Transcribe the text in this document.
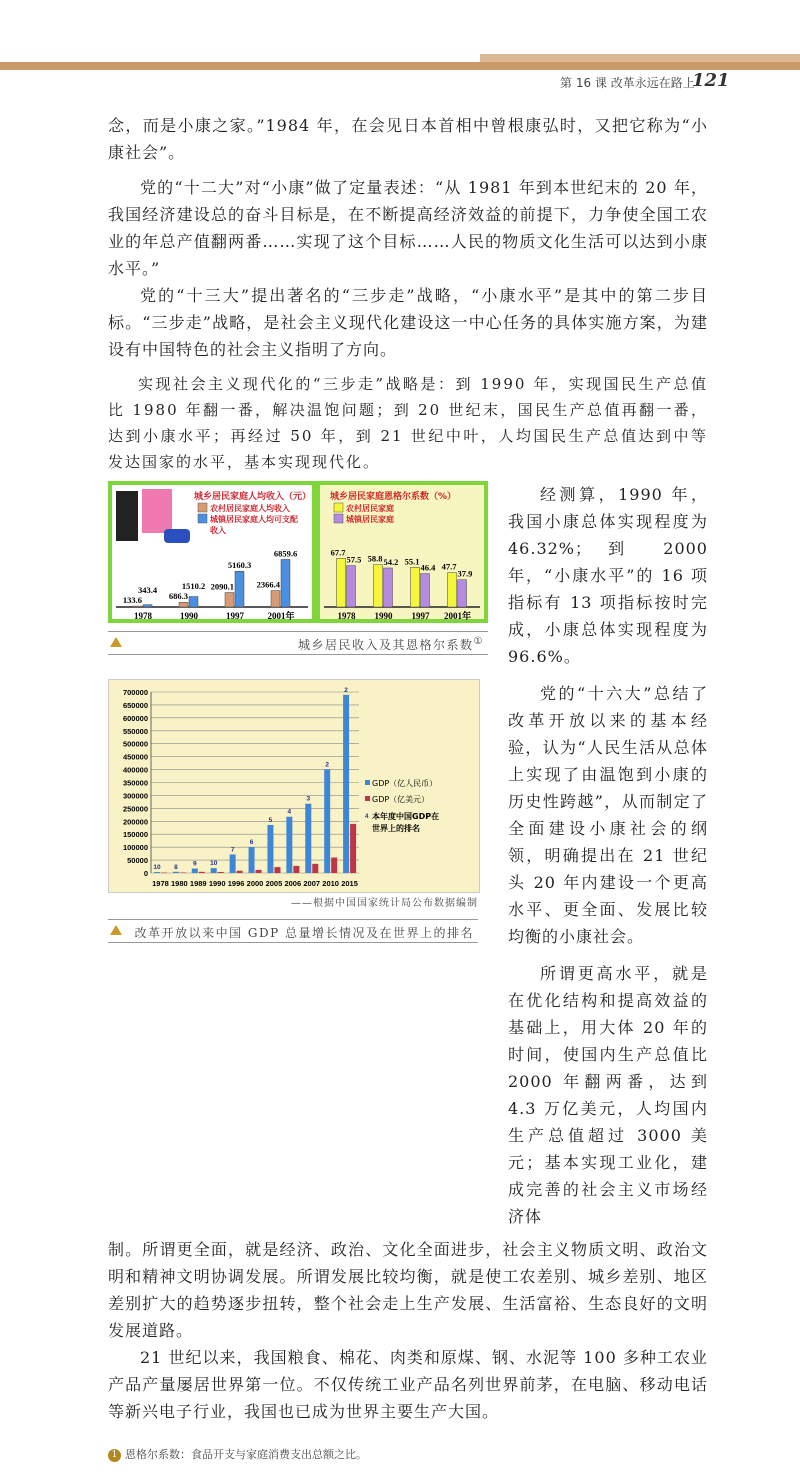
第 16 课 改革永远在路上
121

念，而是小康之家。”1984 年，在会见日本首相中曾根康弘时，又把它称为“小康社会”。

党的“十二大”对“小康”做了定量表述：“从 1981 年到本世纪末的 20 年，我国经济建设总的奋斗目标是，在不断提高经济效益的前提下，力争使全国工农业的年总产值翻两番……实现了这个目标……人民的物质文化生活可以达到小康水平。”

党的“十三大”提出著名的“三步走”战略，“小康水平”是其中的第二步目标。“三步走”战略，是社会主义现代化建设这一中心任务的具体实施方案，为建设有中国特色的社会主义指明了方向。

实现社会主义现代化的“三步走”战略是：到 1990 年，实现国民生产总值比 1980 年翻一番，解决温饱问题；到 20 世纪末，国民生产总值再翻一番，达到小康水平；再经过 50 年，到 21 世纪中叶，人均国民生产总值达到中等发达国家的水平，基本实现现代化。
城乡居民家庭人均收入（元）
农村居民家庭人均收入
城镇居民家庭人均可支配
收入
1978
133.6
343.4
1990
686.3
1510.2
1997
2090.1
5160.3
2001年
2366.4
6859.6
城乡居民家庭恩格尔系数（%）
农村居民家庭
城镇居民家庭
1978
67.7
57.5
1990
58.8 54.2
1997
55.1
46.4
2001年
47.7
37.9
城乡居民收入及其恩格尔系数①
0
50000
100000
150000
200000
250000
300000
350000
400000
450000
500000
550000
600000
650000
700000
1978
10
1980
8
1989
9
1990
10
1996
7
2000
6
2005
5
2006
4
2007
3
2010
2
2015
2
GDP（亿人民币）
GDP（亿美元）
4 本年度中国GDP在
世界上的排名
——根据中国国家统计局公布数据编制
改革开放以来中国 GDP 总量增长情况及在世界上的排名

经测算，1990 年，我国小康总体实现程度为 46.32%；到 2000 年，“小康水平”的 16 项指标有 13 项指标按时完成，小康总体实现程度为 96.6%。

党的“十六大”总结了改革开放以来的基本经验，认为“人民生活从总体上实现了由温饱到小康的历史性跨越”，从而制定了全面建设小康社会的纲领，明确提出在 21 世纪头 20 年内建设一个更高水平、更全面、发展比较均衡的小康社会。

所谓更高水平，就是在优化结构和提高效益的基础上，用大体 20 年的时间，使国内生产总值比 2000 年翻两番，达到 4.3 万亿美元，人均国内生产总值超过 3000 美元；基本实现工业化，建成完善的社会主义市场经济体

制。所谓更全面，就是经济、政治、文化全面进步，社会主义物质文明、政治文明和精神文明协调发展。所谓发展比较均衡，就是使工农差别、城乡差别、地区差别扩大的趋势逐步扭转，整个社会走上生产发展、生活富裕、生态良好的文明发展道路。

21 世纪以来，我国粮食、棉花、肉类和原煤、钢、水泥等 100 多种工农业产品产量屡居世界第一位。不仅传统工业产品名列世界前茅，在电脑、移动电话等新兴电子行业，我国也已成为世界主要生产大国。

1 恩格尔系数：食品开支与家庭消费支出总额之比。
